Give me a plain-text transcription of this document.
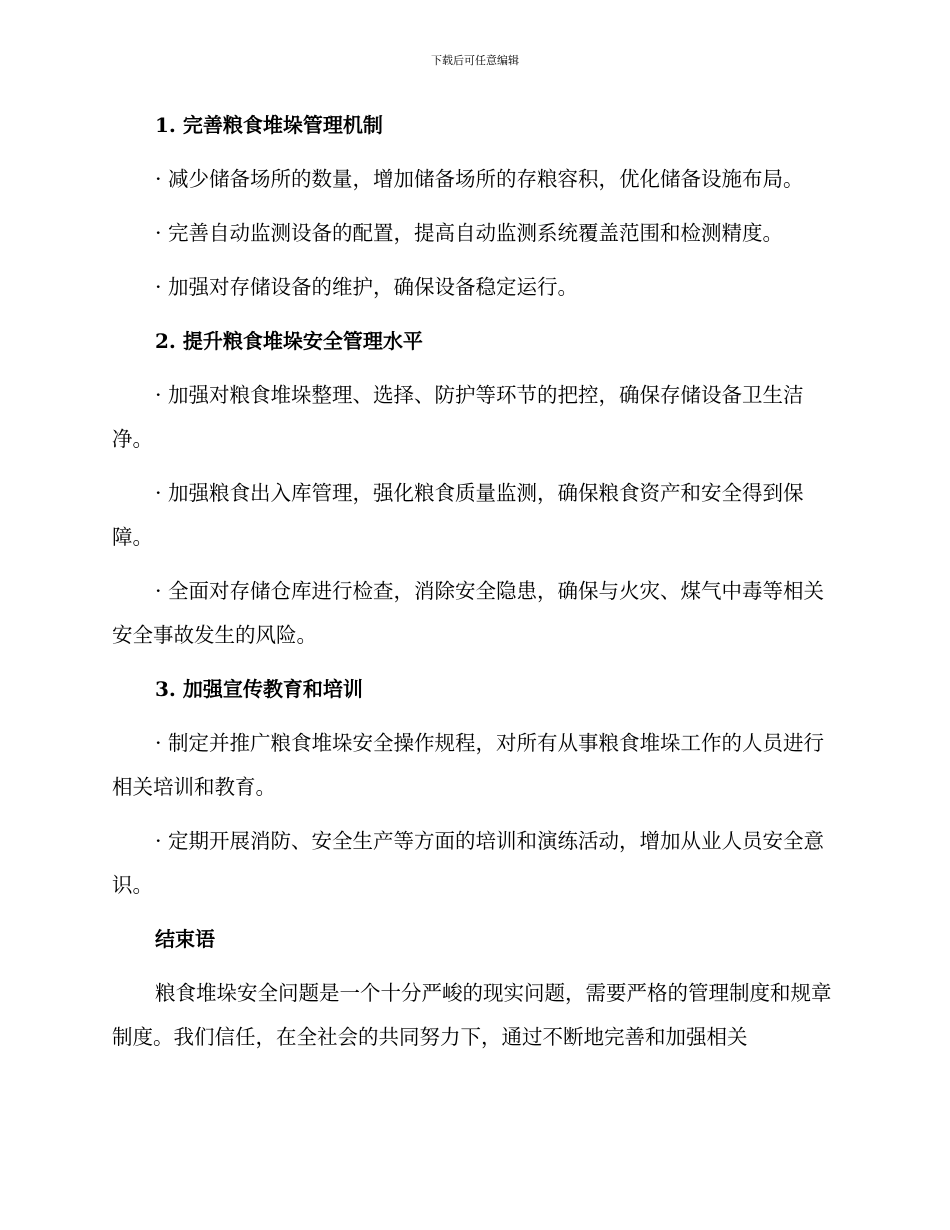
下载后可任意编辑
1. 完善粮食堆垛管理机制

· 减少储备场所的数量，增加储备场所的存粮容积，优化储备设施布局。

· 完善自动监测设备的配置，提高自动监测系统覆盖范围和检测精度。

· 加强对存储设备的维护，确保设备稳定运行。

2. 提升粮食堆垛安全管理水平

· 加强对粮食堆垛整理、选择、防护等环节的把控，确保存储设备卫生洁净。

· 加强粮食出入库管理，强化粮食质量监测，确保粮食资产和安全得到保障。

· 全面对存储仓库进行检查，消除安全隐患，确保与火灾、煤气中毒等相关安全事故发生的风险。

3. 加强宣传教育和培训

· 制定并推广粮食堆垛安全操作规程，对所有从事粮食堆垛工作的人员进行相关培训和教育。

· 定期开展消防、安全生产等方面的培训和演练活动，增加从业人员安全意识。

结束语

粮食堆垛安全问题是一个十分严峻的现实问题，需要严格的管理制度和规章制度。我们信任，在全社会的共同努力下，通过不断地完善和加强相关
